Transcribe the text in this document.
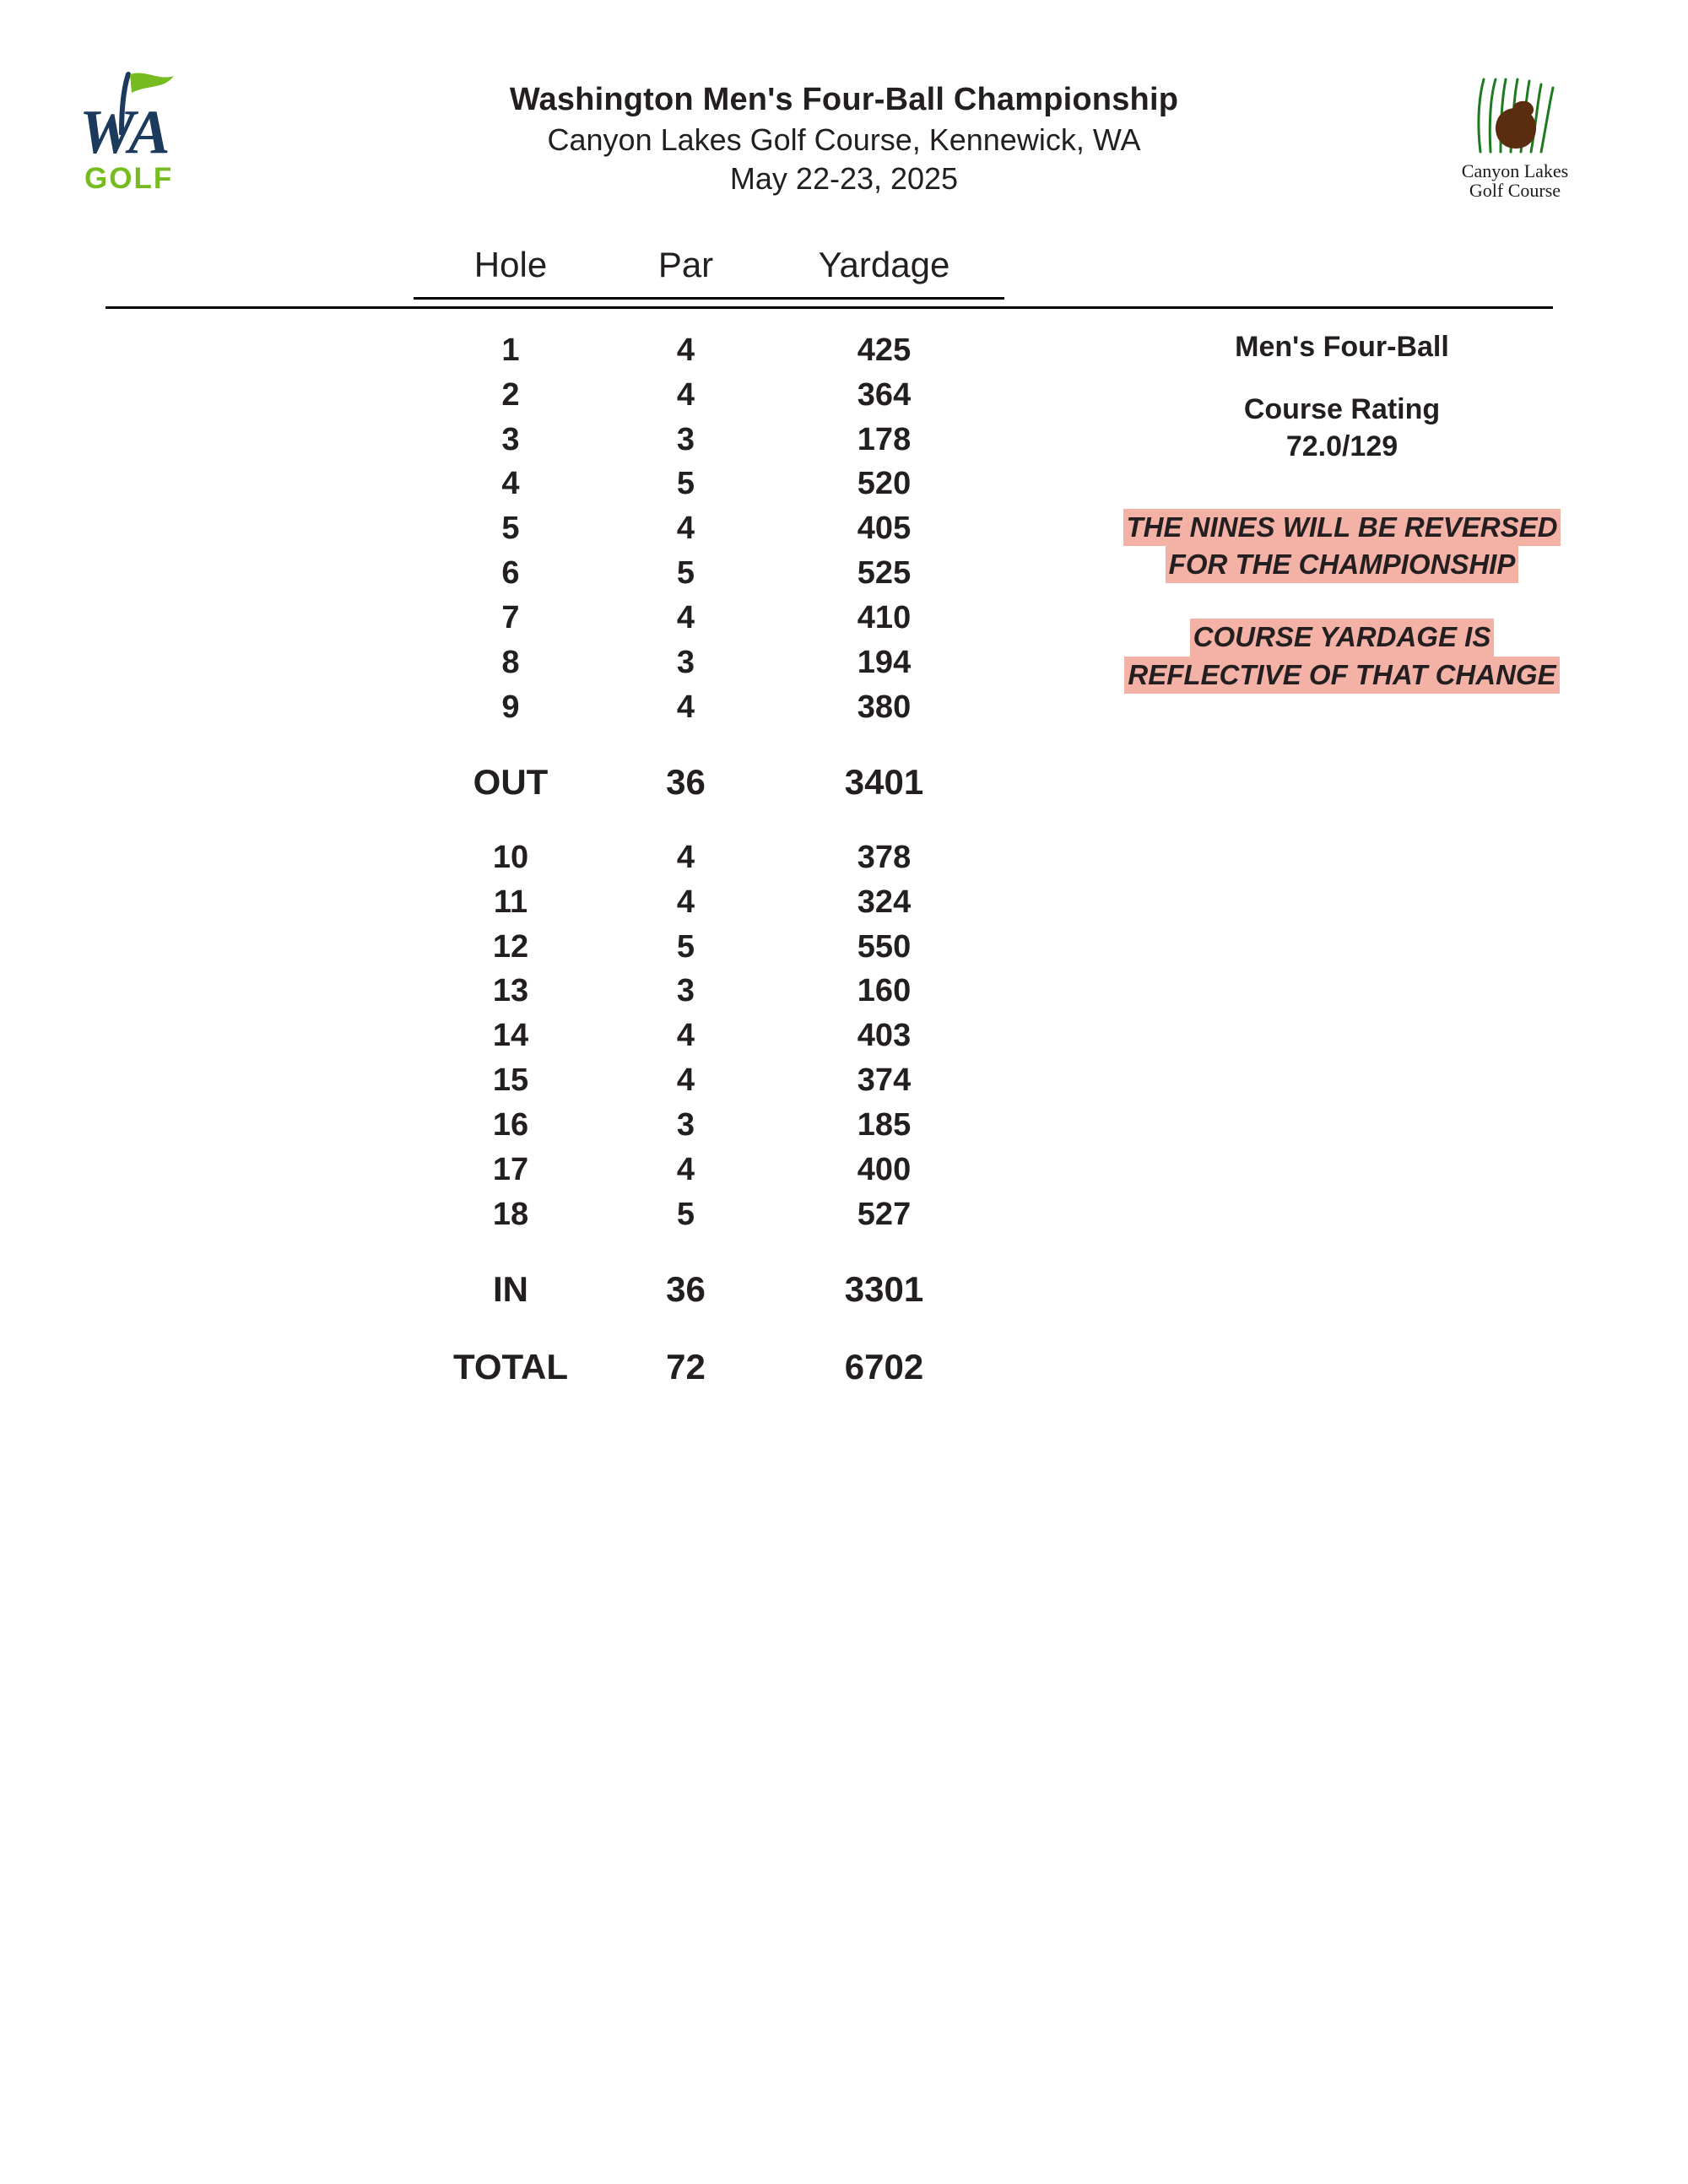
WA
GOLF
Washington Men's Four-Ball Championship
Canyon Lakes Golf Course, Kennewick, WA
May 22-23, 2025	Canyon Lakes
Golf Course
Hole	Par	Yardage

1	4	425
2	4	364
3	3	178
4	5	520
5	4	405
6	5	525
7	4	410
8	3	194
9	4	380

OUT	36	3401

10	4	378
11	4	324
12	5	550
13	3	160
14	4	403
15	4	374
16	3	185
17	4	400
18	5	527

IN	36	3301

TOTAL	72	6702
Men's Four-Ball
Course Rating
72.0/129
THE NINES WILL BE REVERSED
FOR THE CHAMPIONSHIP
COURSE YARDAGE IS
REFLECTIVE OF THAT CHANGE
